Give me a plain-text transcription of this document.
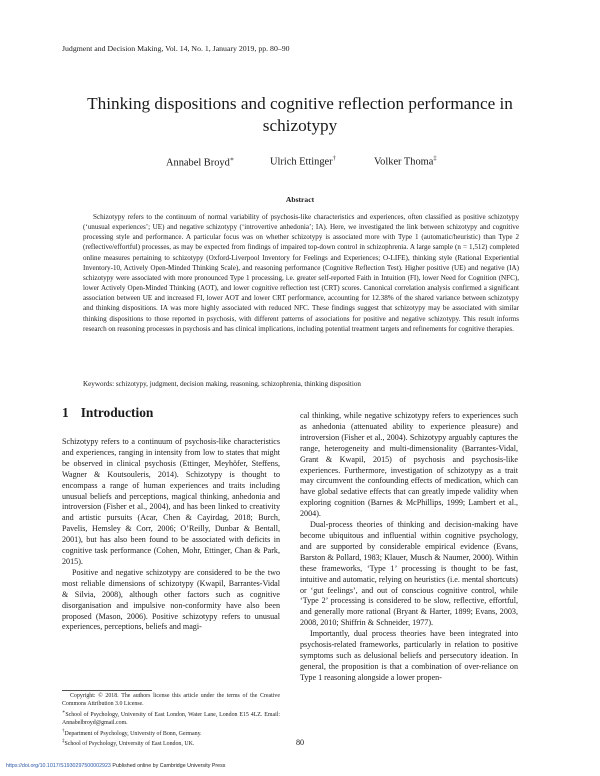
Judgment and Decision Making, Vol. 14, No. 1, January 2019, pp. 80–90
Thinking dispositions and cognitive reflection performance in schizotypy
Annabel Broyd∗	Ulrich Ettinger†	Volker Thoma‡
Abstract

Schizotypy refers to the continuum of normal variability of psychosis-like characteristics and experiences, often classified as positive schizotypy (‘unusual experiences’; UE) and negative schizotypy (‘introvertive anhedonia’; IA). Here, we investigated the link between schizotypy and cognitive processing style and performance. A particular focus was on whether schizotypy is associated more with Type 1 (automatic/heuristic) than Type 2 (reflective/effortful) processes, as may be expected from findings of impaired top-down control in schizophrenia. A large sample (n = 1,512) completed online measures pertaining to schizotypy (Oxford-Liverpool Inventory for Feelings and Experiences; O-LIFE), thinking style (Rational Experiential Inventory-10, Actively Open-Minded Thinking Scale), and reasoning performance (Cognitive Reflection Test). Higher positive (UE) and negative (IA) schizotypy were associated with more pronounced Type 1 processing, i.e. greater self-reported Faith in Intuition (FI), lower Need for Cognition (NFC), lower Actively Open-Minded Thinking (AOT), and lower cognitive reflection test (CRT) scores. Canonical correlation analysis confirmed a significant association between UE and increased FI, lower AOT and lower CRT performance, accounting for 12.38% of the shared variance between schizotypy and thinking dispositions. IA was more highly associated with reduced NFC. These findings suggest that schizotypy may be associated with similar thinking dispositions to those reported in psychosis, with different patterns of associations for positive and negative schizotypy. This result informs research on reasoning processes in psychosis and has clinical implications, including potential treatment targets and refinements for cognitive therapies.

Keywords: schizotypy, judgment, decision making, reasoning, schizophrenia, thinking disposition

1 Introduction

Schizotypy refers to a continuum of psychosis-like characteristics and experiences, ranging in intensity from low to states that might be observed in clinical psychosis (Ettinger, Meyhöfer, Steffens, Wagner & Koutsouleris, 2014). Schizotypy is thought to encompass a range of human experiences and traits including unusual beliefs and perceptions, magical thinking, anhedonia and introversion (Fisher et al., 2004), and has been linked to creativity and artistic pursuits (Acar, Chen & Cayirdag, 2018; Burch, Pavelis, Hemsley & Corr, 2006; O’Reilly, Dunbar & Bentall, 2001), but has also been found to be associated with deficits in cognitive task performance (Cohen, Mohr, Ettinger, Chan & Park, 2015).

Positive and negative schizotypy are considered to be the two most reliable dimensions of schizotypy (Kwapil, Barrantes-Vidal & Silvia, 2008), although other factors such as cognitive disorganisation and impulsive non-conformity have also been proposed (Mason, 2006). Positive schizotypy refers to unusual experiences, perceptions, beliefs and magi-

cal thinking, while negative schizotypy refers to experiences such as anhedonia (attenuated ability to experience pleasure) and introversion (Fisher et al., 2004). Schizotypy arguably captures the range, heterogeneity and multi-dimensionality (Barrantes-Vidal, Grant & Kwapil, 2015) of psychosis and psychosis-like experiences. Furthermore, investigation of schizotypy as a trait may circumvent the confounding effects of medication, which can have global sedative effects that can greatly impede validity when exploring cognition (Barnes & McPhillips, 1999; Lambert et al., 2004).

Dual-process theories of thinking and decision-making have become ubiquitous and influential within cognitive psychology, and are supported by considerable empirical evidence (Evans, Barston & Pollard, 1983; Klauer, Musch & Naumer, 2000). Within these frameworks, ‘Type 1’ processing is thought to be fast, intuitive and automatic, relying on heuristics (i.e. mental shortcuts) or ‘gut feelings’, and out of conscious cognitive control, while ‘Type 2’ processing is considered to be slow, reflective, effortful, and generally more rational (Bryant & Harter, 1899; Evans, 2003, 2008, 2010; Shiffrin & Schneider, 1977).

Importantly, dual process theories have been integrated into psychosis-related frameworks, particularly in relation to positive symptoms such as delusional beliefs and persecutory ideation. In general, the proposition is that a combination of over-reliance on Type 1 reasoning alongside a lower propen-

Copyright: © 2018. The authors license this article under the terms of the Creative Commons Attribution 3.0 License.
∗School of Psychology, University of East London, Water Lane, London E15 4LZ. Email: Annabelbroyd@gmail.com.
†Department of Psychology, University of Bonn, Germany.
‡School of Psychology, University of East London, UK.	80
https://doi.org/10.1017/S1930297500002923 Published online by Cambridge University Press
